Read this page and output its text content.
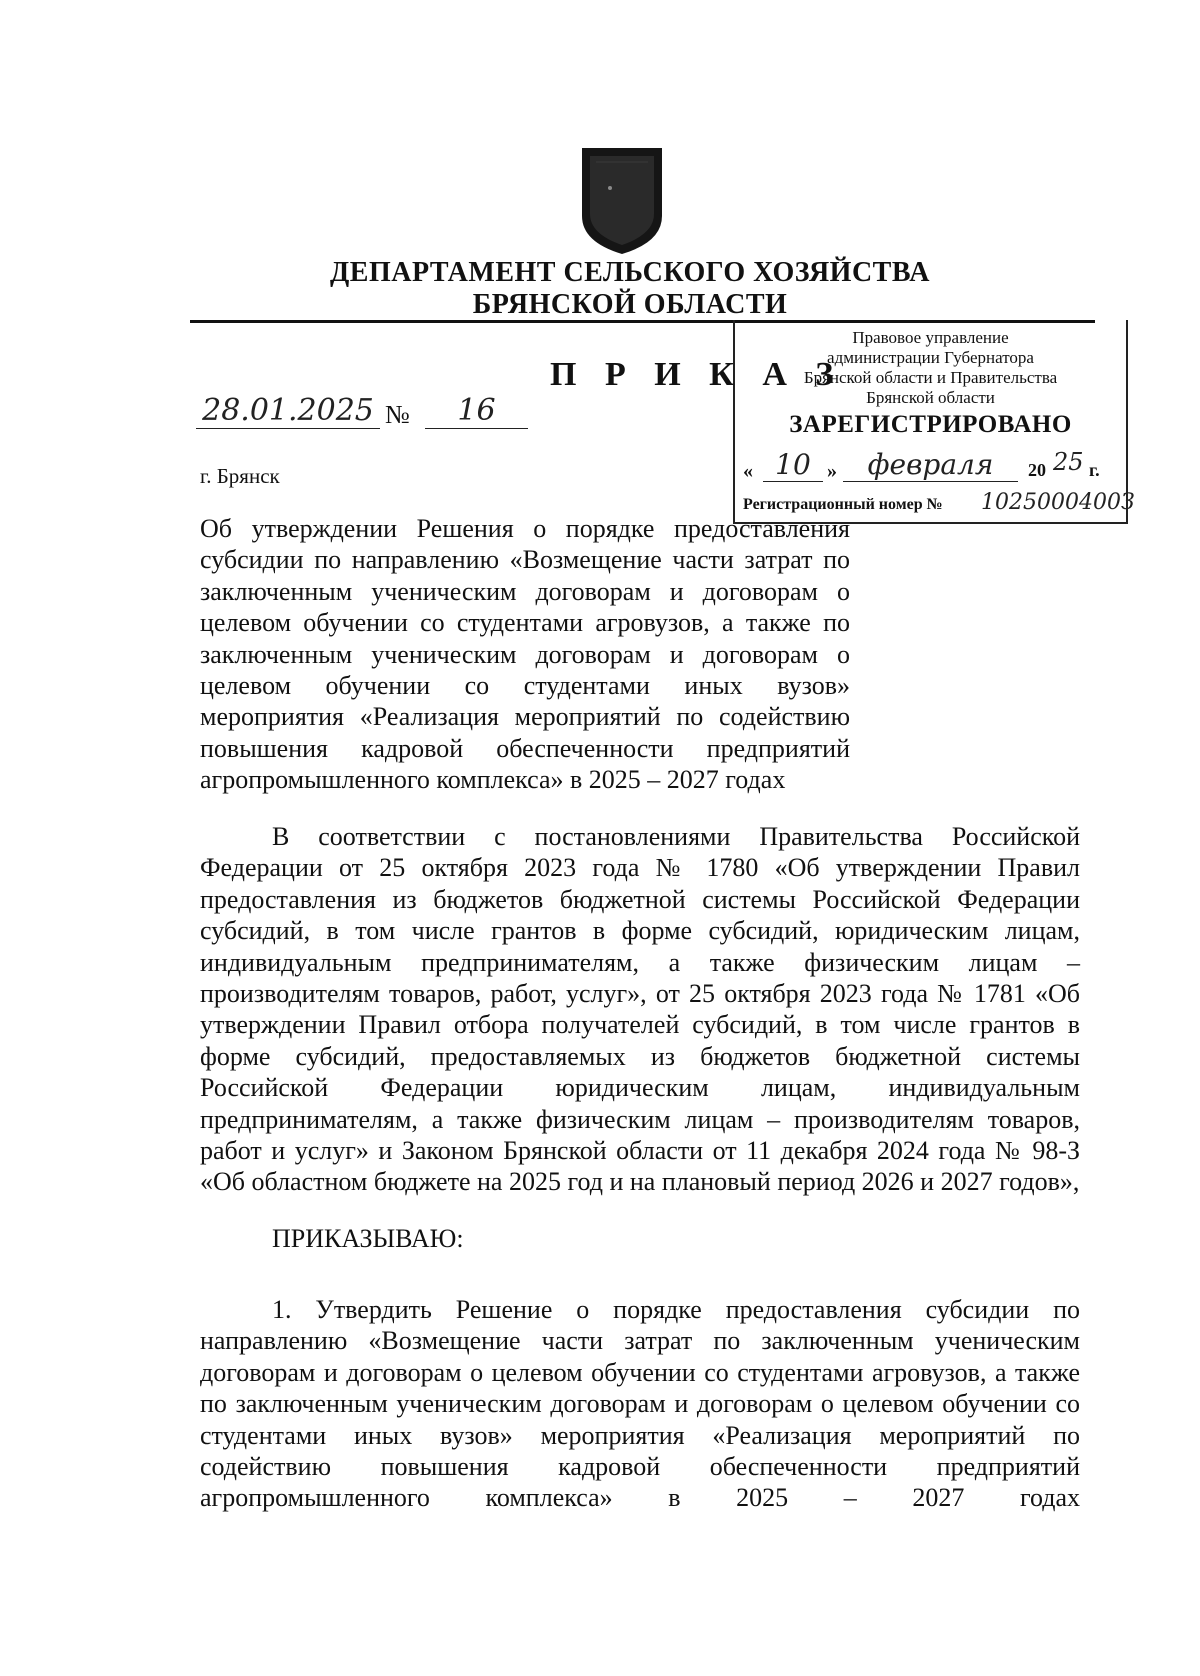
ДЕПАРТАМЕНТ СЕЛЬСКОГО ХОЗЯЙСТВА
БРЯНСКОЙ ОБЛАСТИ
Правовое управление
администрации Губернатора
Брянской области и Правительства
Брянской области
ЗАРЕГИСТРИРОВАНО
« 10 »	февраля	20 25 г.
Регистрационный номер № 1025000400З
П Р И К А З
28.01.2025 №	16
г. Брянск
Об утверждении Решения о порядке предоставления субсидии по направлению «Возмещение части затрат по заключенным ученическим договорам и договорам о целевом обучении со студентами агровузов, а также по заключенным ученическим договорам и договорам о целевом обучении со студентами иных вузов» мероприятия «Реализация мероприятий по содействию повышения кадровой обеспеченности предприятий агропромышленного комплекса» в 2025 – 2027 годах
В соответствии с постановлениями Правительства Российской Федерации от 25 октября 2023 года № 1780 «Об утверждении Правил предоставления из бюджетов бюджетной системы Российской Федерации субсидий, в том числе грантов в форме субсидий, юридическим лицам, индивидуальным предпринимателям, а также физическим лицам – производителям товаров, работ, услуг», от 25 октября 2023 года № 1781 «Об утверждении Правил отбора получателей субсидий, в том числе грантов в форме субсидий, предоставляемых из бюджетов бюджетной системы Российской Федерации юридическим лицам, индивидуальным предпринимателям, а также физическим лицам – производителям товаров, работ и услуг» и Законом Брянской области от 11 декабря 2024 года № 98-З «Об областном бюджете на 2025 год и на плановый период 2026 и 2027 годов»,
ПРИКАЗЫВАЮ:
1. Утвердить Решение о порядке предоставления субсидии по направлению «Возмещение части затрат по заключенным ученическим договорам и договорам о целевом обучении со студентами агровузов, а также по заключенным ученическим договорам и договорам о целевом обучении со студентами иных вузов» мероприятия «Реализация мероприятий по содействию повышения кадровой обеспеченности предприятий агропромышленного комплекса» в 2025 – 2027 годах
